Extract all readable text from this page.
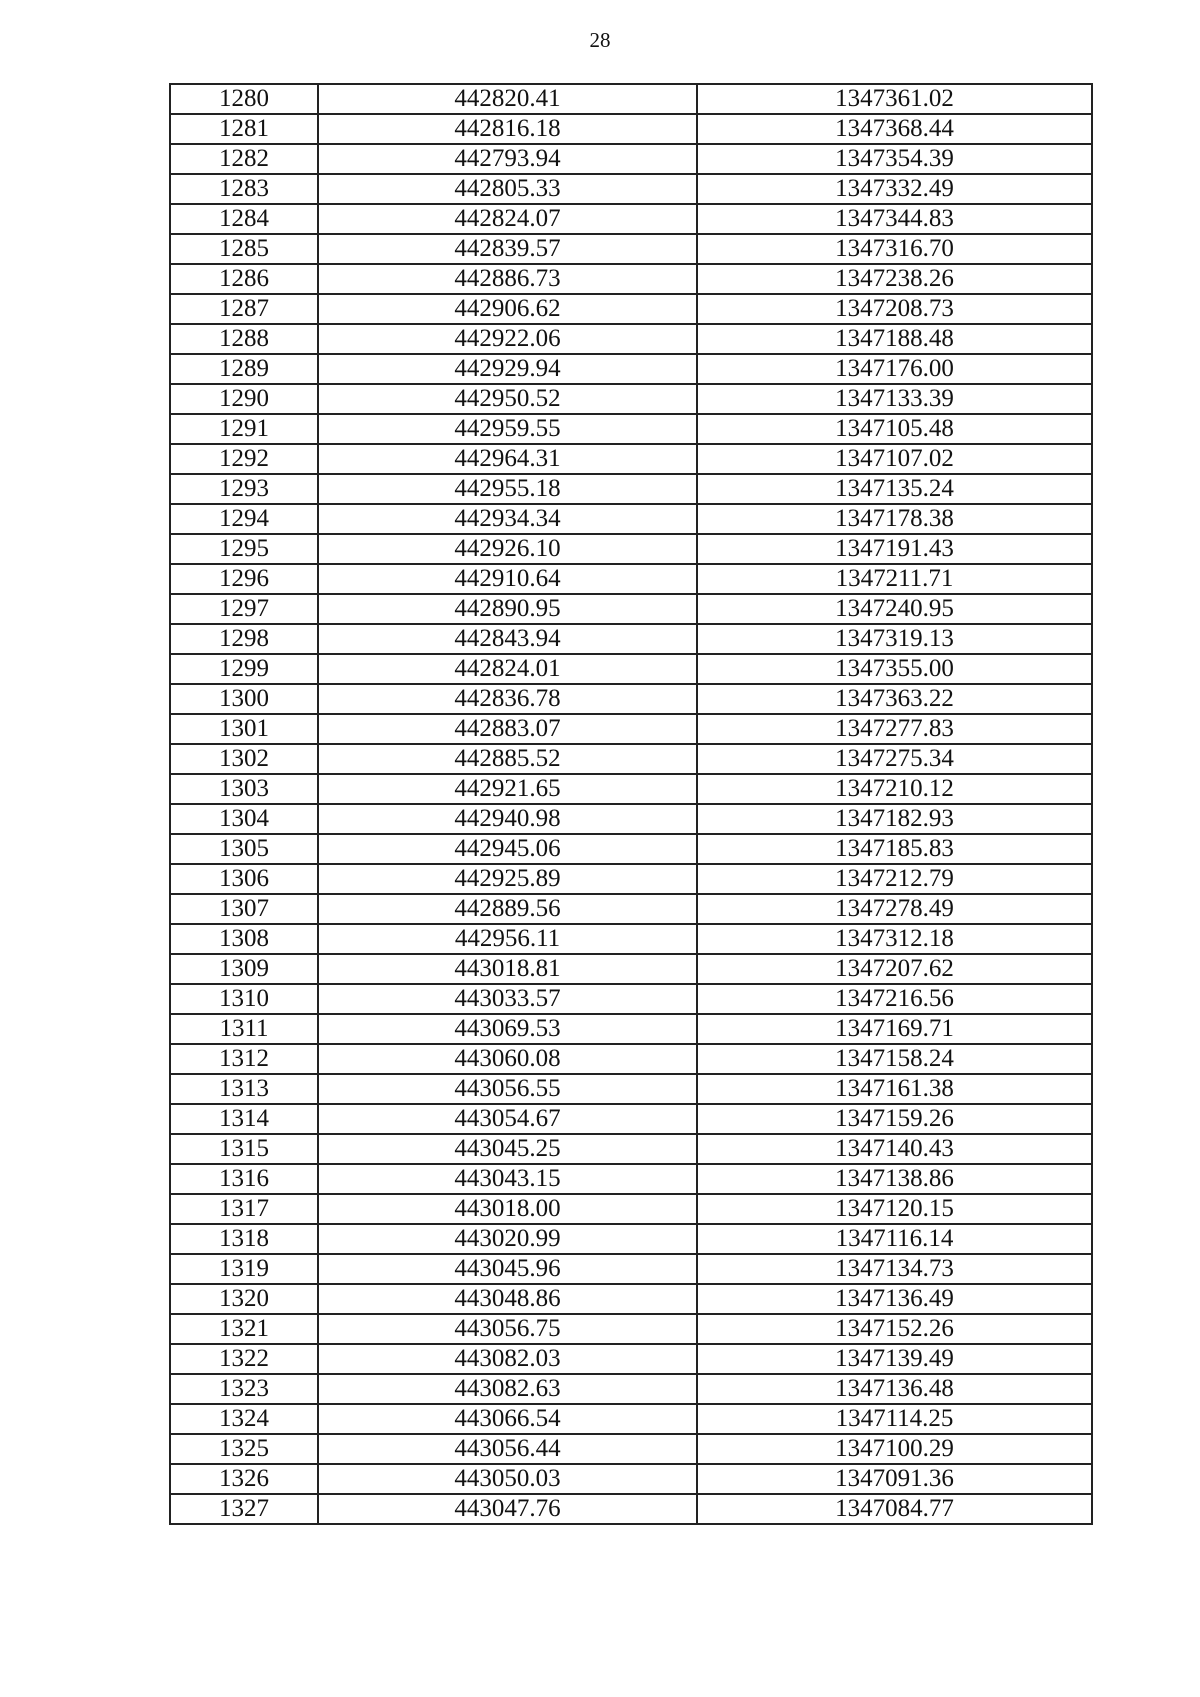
28
1280	442820.41	1347361.02
1281	442816.18	1347368.44
1282	442793.94	1347354.39
1283	442805.33	1347332.49
1284	442824.07	1347344.83
1285	442839.57	1347316.70
1286	442886.73	1347238.26
1287	442906.62	1347208.73
1288	442922.06	1347188.48
1289	442929.94	1347176.00
1290	442950.52	1347133.39
1291	442959.55	1347105.48
1292	442964.31	1347107.02
1293	442955.18	1347135.24
1294	442934.34	1347178.38
1295	442926.10	1347191.43
1296	442910.64	1347211.71
1297	442890.95	1347240.95
1298	442843.94	1347319.13
1299	442824.01	1347355.00
1300	442836.78	1347363.22
1301	442883.07	1347277.83
1302	442885.52	1347275.34
1303	442921.65	1347210.12
1304	442940.98	1347182.93
1305	442945.06	1347185.83
1306	442925.89	1347212.79
1307	442889.56	1347278.49
1308	442956.11	1347312.18
1309	443018.81	1347207.62
1310	443033.57	1347216.56
1311	443069.53	1347169.71
1312	443060.08	1347158.24
1313	443056.55	1347161.38
1314	443054.67	1347159.26
1315	443045.25	1347140.43
1316	443043.15	1347138.86
1317	443018.00	1347120.15
1318	443020.99	1347116.14
1319	443045.96	1347134.73
1320	443048.86	1347136.49
1321	443056.75	1347152.26
1322	443082.03	1347139.49
1323	443082.63	1347136.48
1324	443066.54	1347114.25
1325	443056.44	1347100.29
1326	443050.03	1347091.36
1327	443047.76	1347084.77
